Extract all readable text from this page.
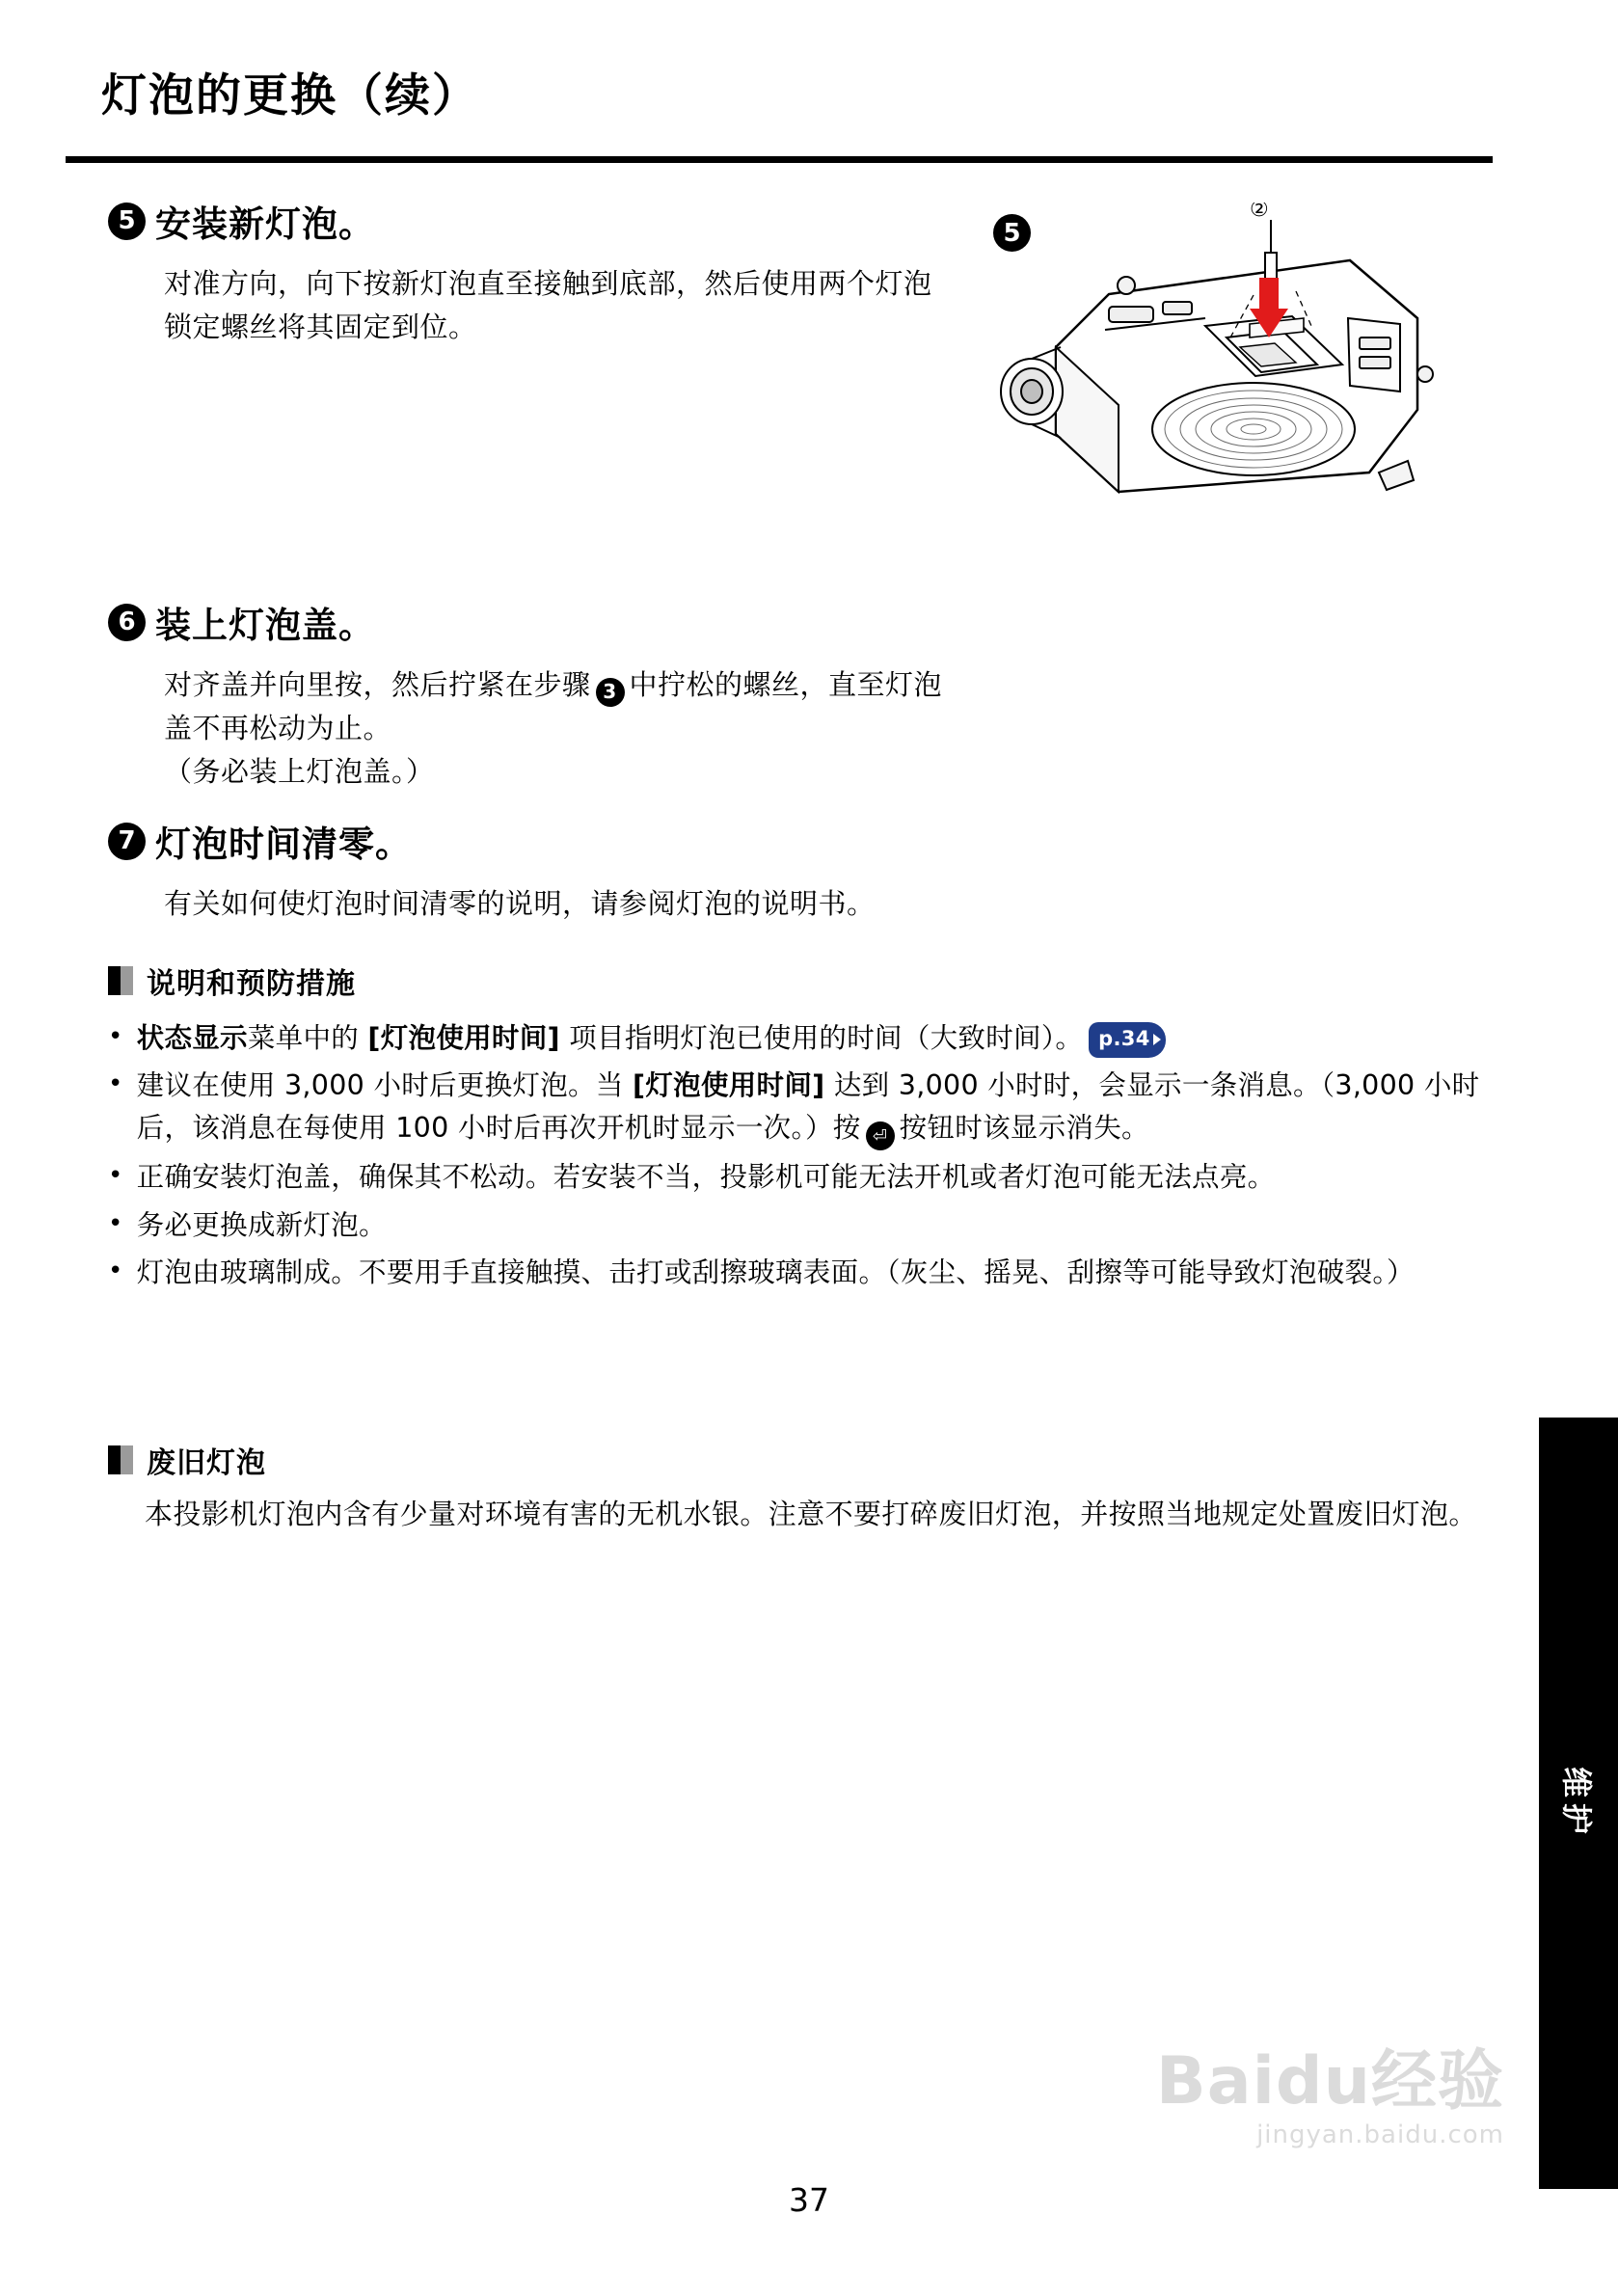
灯泡的更换（续）
5 安装新灯泡。

对准方向，向下按新灯泡直至接触到底部，然后使用两个灯泡锁定螺丝将其固定到位。

5
②
6 装上灯泡盖。

对齐盖并向里按，然后拧紧在步骤 3 中拧松的螺丝，直至灯泡盖不再松动为止。

（务必装上灯泡盖。）

7 灯泡时间清零。

有关如何使灯泡时间清零的说明，请参阅灯泡的说明书。

说明和预防措施
• 状态显示菜单中的 [灯泡使用时间] 项目指明灯泡已使用的时间（大致时间）。 p.34
• 建议在使用 3,000 小时后更换灯泡。当 [灯泡使用时间] 达到 3,000 小时时，会显示一条消息。（3,000 小时后，该消息在每使用 100 小时后再次开机时显示一次。）按 ⏎ 按钮时该显示消失。
• 正确安装灯泡盖，确保其不松动。若安装不当，投影机可能无法开机或者灯泡可能无法点亮。
• 务必更换成新灯泡。
• 灯泡由玻璃制成。不要用手直接触摸、击打或刮擦玻璃表面。（灰尘、摇晃、刮擦等可能导致灯泡破裂。）
废旧灯泡
本投影机灯泡内含有少量对环境有害的无机水银。注意不要打碎废旧灯泡，并按照当地规定处置废旧灯泡。
维护
Baidu经验
jingyan.baidu.com
37
